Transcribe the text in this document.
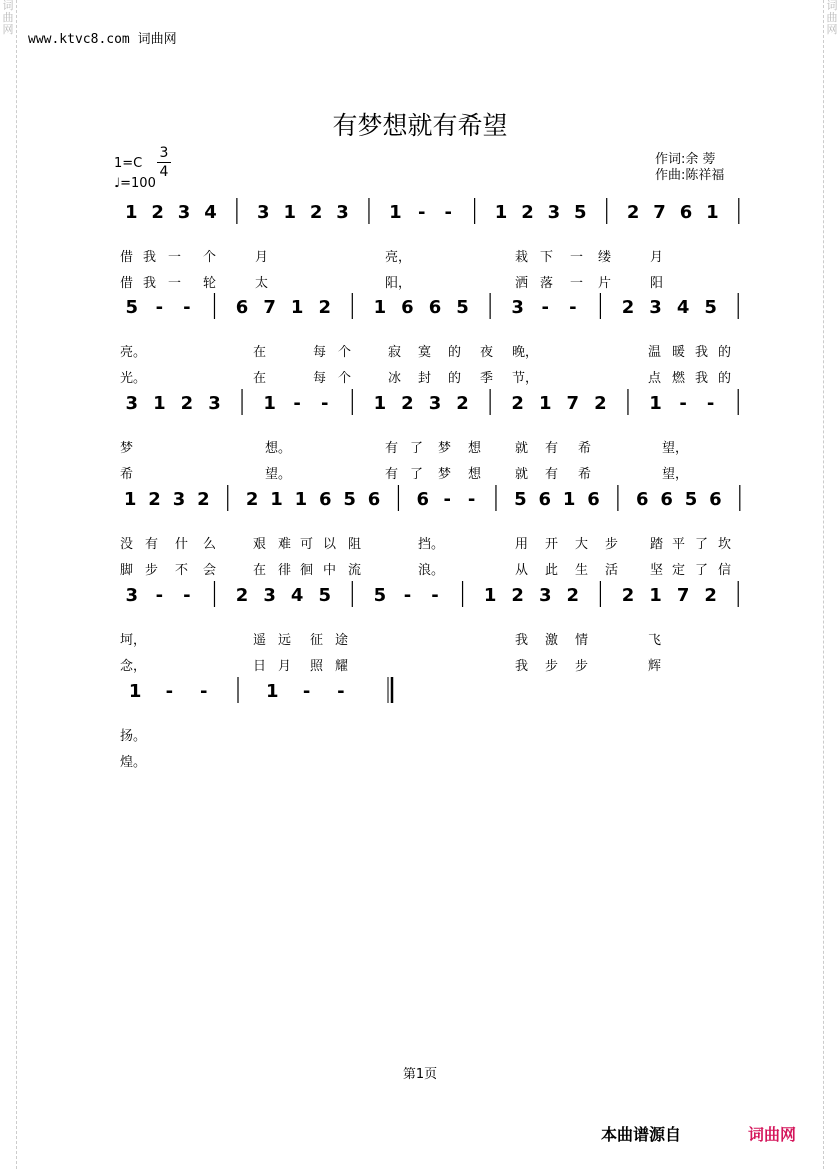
词曲网
词曲网
www.ktvc8.com 词曲网
有梦想就有希望
1=C
3
4
♩=100
作词:余 蒡
作曲:陈祥福
1 2 3 4 3 1 2 3 1 - - 1 2 3 5 2 7 6 1
借 我 一 个	月	亮，	栽 下 一 缕	月
借 我 一 轮	太	阳，	洒 落 一 片	阳
5 - -	6 7 1 2 1 6 6 5 3 - -	2 3 4 5
亮。	在	每 个	寂 寞 的 夜 晚，	温 暖 我 的
光。	在	每 个	冰 封 的 季 节，	点 燃 我 的
3 1 2 3 1 - -	1 2 3 2 2 1 7 2 1 - -
梦	想。	有 了 梦 想	就 有 希	望，
希	望。	有 了 梦 想	就 有 希	望，
1 2 3 2 2 1 1 6 5 6 6 - - 5 6 1 6 6 6 5 6
没 有 什 么	艰 难 可 以 阻	挡。	用 开 大 步 踏 平 了 坎
脚 步 不 会	在 徘 徊 中 流	浪。	从 此 生 活 坚 定 了 信
3 - -	2 3 4 5 5 - -	1 2 3 2 2 1 7 2
坷，	遥 远 征 途	我 激 情	飞
念，	日 月 照 耀	我 步 步	辉
1 - -	1 - -
扬。
煌。
第1页
本曲谱源自	词曲网
